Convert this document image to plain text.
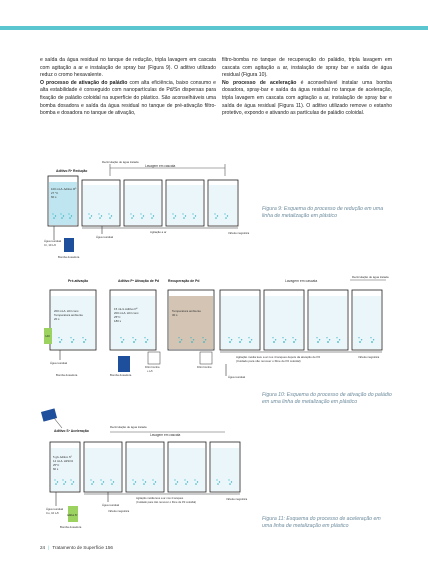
e saída da água residual no tanque de redução, tripla lavagem em cascata com agitação a ar e instalação de spray bar (Figura 9). O aditivo utilizado reduz o cromo hexavalente.
O processo de ativação do paládio com alta eficiência, baixo consumo e alta estabilidade é conseguido com nanopartículas de Pd/Sn dispersas para fixação de paládio coloidal na superfície do plástico. São aconselháveis uma bomba dosadora e saída da água residual no tanque de pré-ativação filtro-bomba e dosadora no tanque de ativação,
filtro-bomba no tanque de recuperação do paládio, tripla lavagem em cascata com agitação a ar, instalação de spray bar e saída de água residual (Figura 10).
No processo de aceleração é aconselhável instalar uma bomba dosadora, spray-bar e saída da água residual no tanque de aceleração, tripla lavagem em cascata com agitação a ar, instalação de spray bar e saída de água residual (Figura 11). O aditivo utilizado remove o estanho protetivo, expondo e ativando as partículas de paládio coloidal.
Recirculação de água tratada
Lavagem em cascata
Aditivo Rº Redução
100 mL/L Aditivo Rº
27 °C
60 s
Agitação a ar
Água residual
Cr, 10 L/h
Água residual
Bomba dosadora
Válvula magnética
Figura 9: Esquema do processo de redução em uma linha de metalização em plástico
Pré-ativação	Aditivo Pº Ativação de Pd	Recuperação de Pd	Lavagem em cascata
Recirculação de água tratada
200 mL/L HCl conc.
Temperatura ambiente
20 s
HCl
Água residual
Bomba dosadora
15 mL/L Aditivo Pº
200 mL/L HCl conc.
25°C
180 s
Bomba dosadora
Temperatura ambiente
30 s
Filtro bomba
≥ L/h
Filtro bomba
Agitação média leve a ar nos 4 tanques depois da ativação de Pd
(Cuidado para não remover o filme de Pd coloidal)
Água residual
Válvula magnética
Figura 10: Esquema do processo de ativação do paládio em uma linha de metalização em plástico
Aditivo Sº Aceleração
Lavagem em cascata
Recirculação de água tratada
5 g/L Aditivo Sº
14 mL/L H2SO4
25°C
60 s
Agitação média leve a ar nos 4 tanques
(Cuidado para não remover o filme de Pd coloidal)
Água residual
Cu, 10 L/h
Aditivo Sº
Bomba dosadora
Água residual
Válvula magnética
Válvula magnética
Figura 11: Esquema do processo de aceleração em uma linha de metalização em plástico
24 | Tratamento de Superfície 156
